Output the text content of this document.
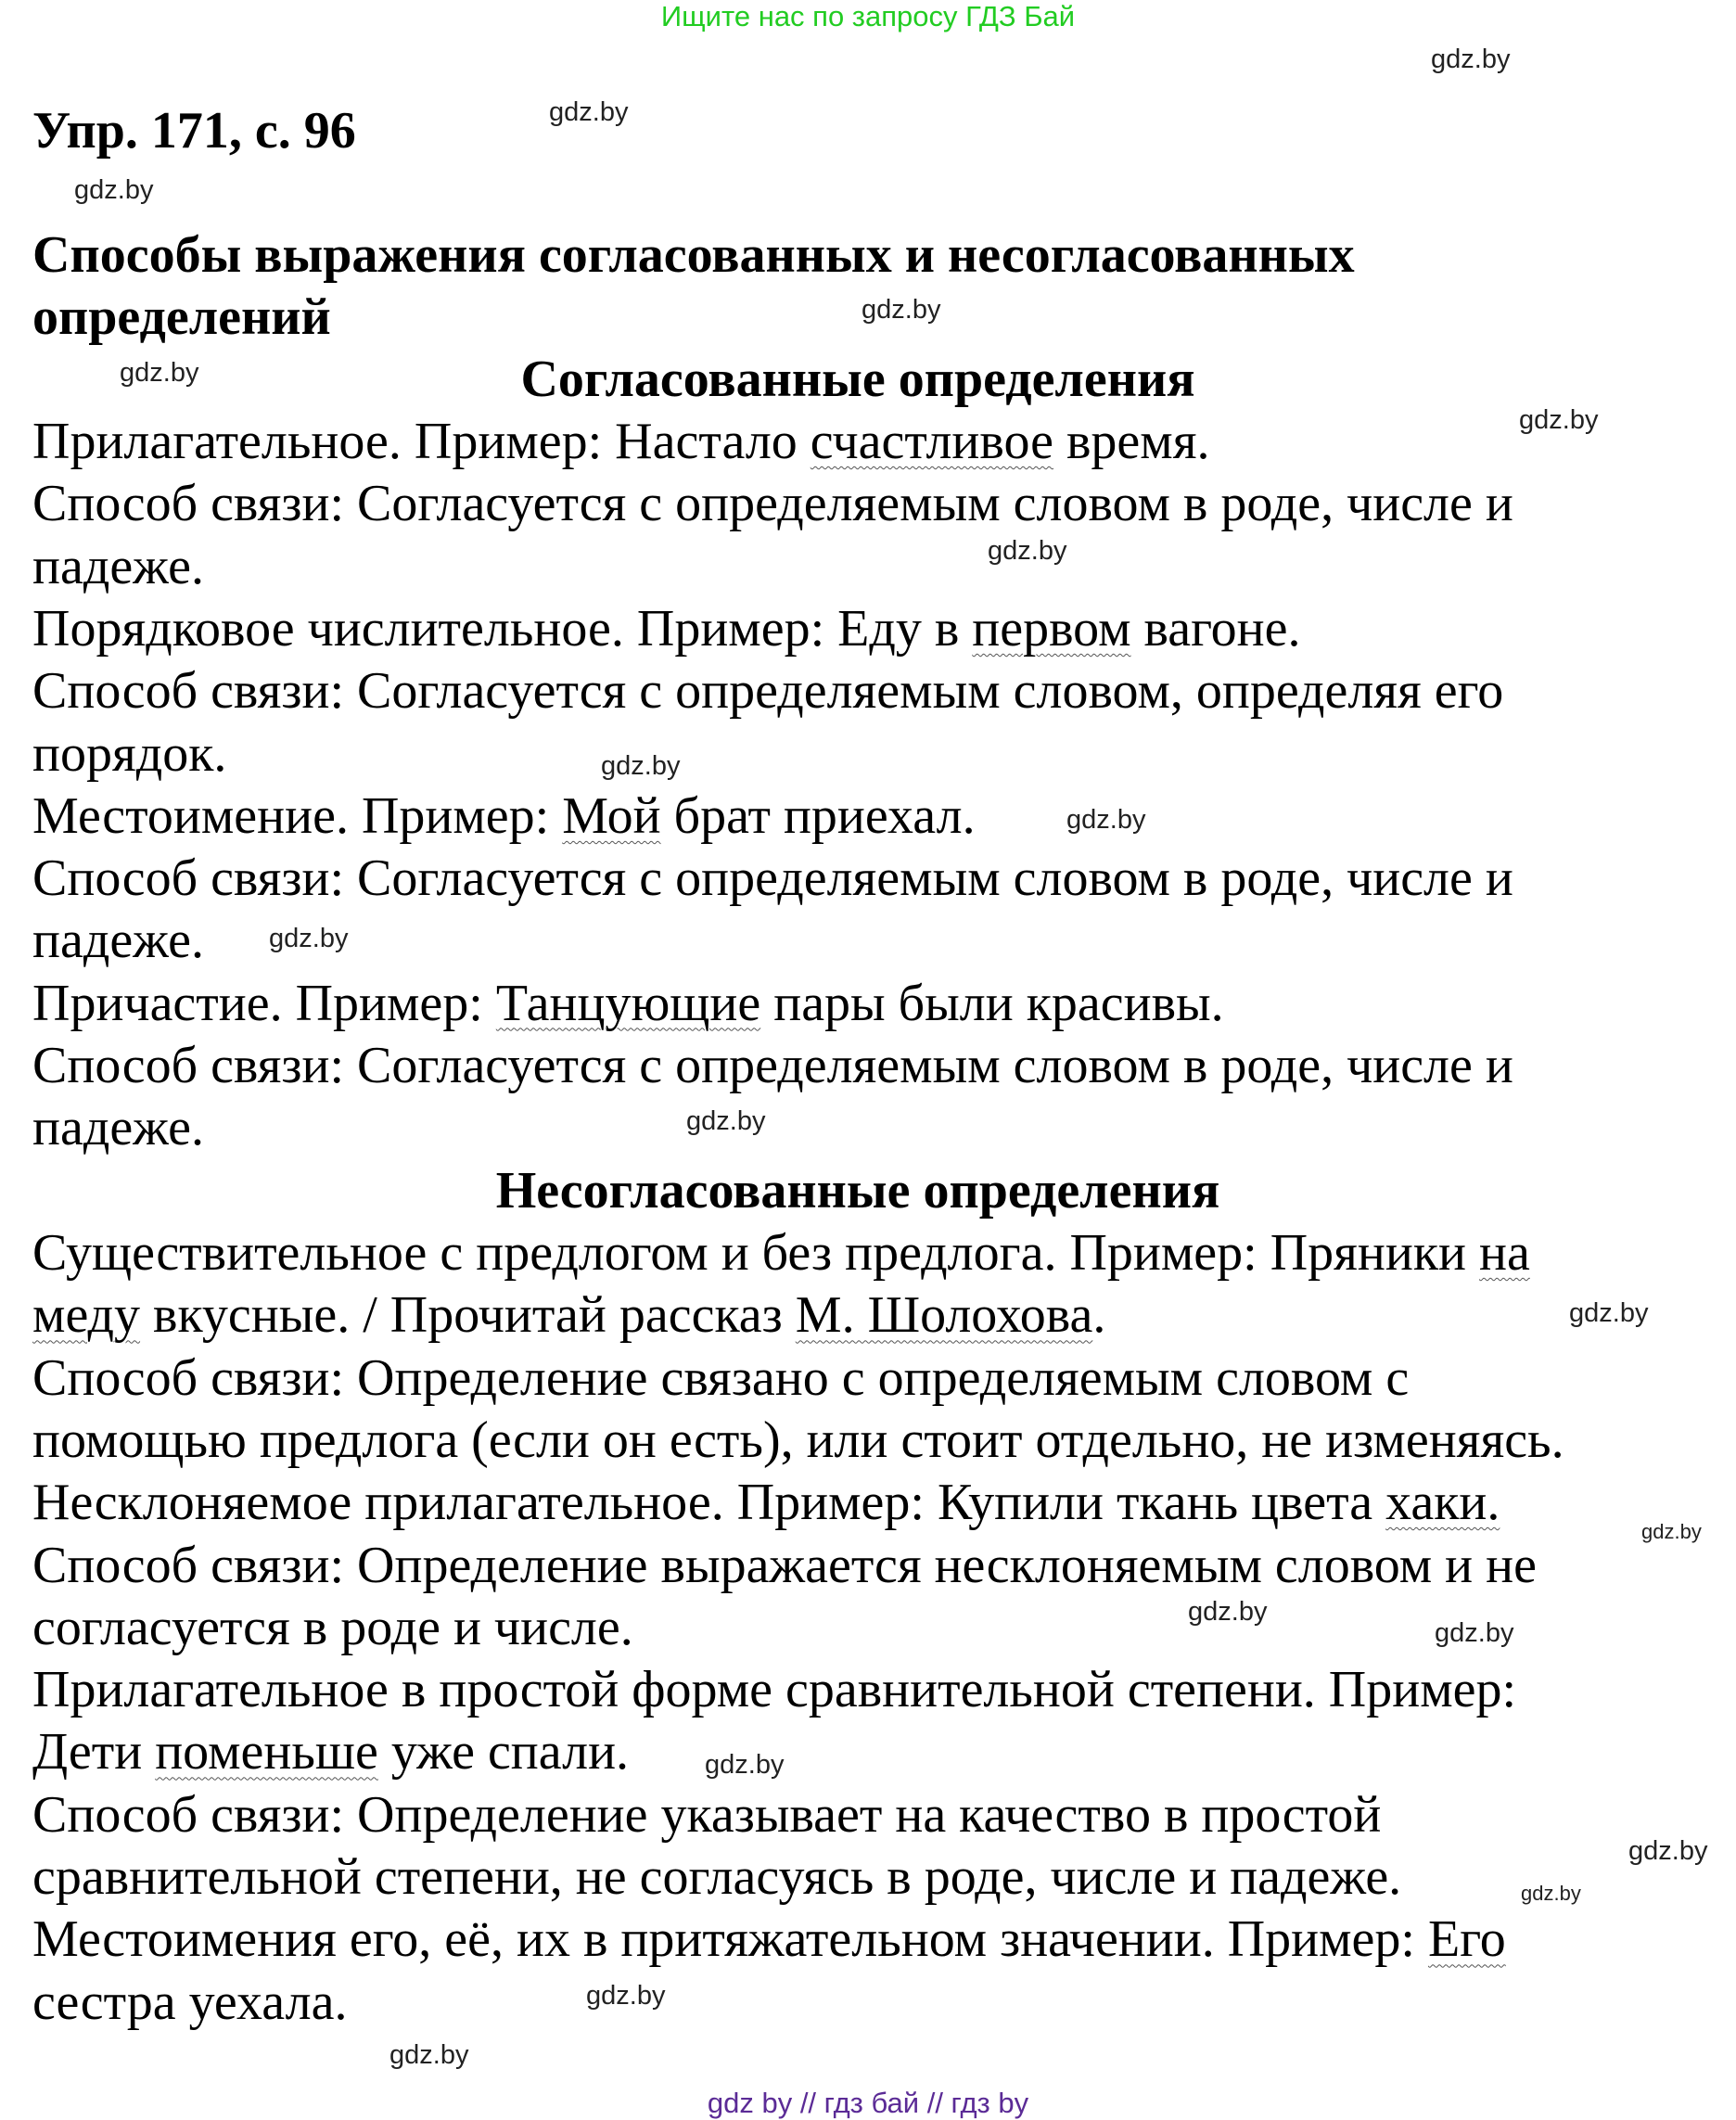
Ищите нас по запросу ГДЗ Бай
Упр. 171, с. 96
Способы выражения согласованных и несогласованных
определений
Согласованные определения
Прилагательное. Пример: Настало счастливое время.
Способ связи: Согласуется с определяемым словом в роде, числе и
падеже.
Порядковое числительное. Пример: Еду в первом вагоне.
Способ связи: Согласуется с определяемым словом, определяя его
порядок.
Местоимение. Пример: Мой брат приехал.
Способ связи: Согласуется с определяемым словом в роде, числе и
падеже.
Причастие. Пример: Танцующие пары были красивы.
Способ связи: Согласуется с определяемым словом в роде, числе и
падеже.
Несогласованные определения
Существительное с предлогом и без предлога. Пример: Пряники на
меду вкусные. / Прочитай рассказ М. Шолохова.
Способ связи: Определение связано с определяемым словом с
помощью предлога (если он есть), или стоит отдельно, не изменяясь.
Несклоняемое прилагательное. Пример: Купили ткань цвета хаки.
Способ связи: Определение выражается несклоняемым словом и не
согласуется в роде и числе.
Прилагательное в простой форме сравнительной степени. Пример:
Дети поменьше уже спали.
Способ связи: Определение указывает на качество в простой
сравнительной степени, не согласуясь в роде, числе и падеже.
Местоимения его, её, их в притяжательном значении. Пример: Его
сестра уехала.
gdz.by
gdz.by
gdz.by
gdz.by
gdz.by
gdz.by
gdz.by
gdz.by
gdz.by
gdz.by
gdz.by
gdz.by
gdz.by
gdz.by
gdz.by
gdz.by
gdz.by
gdz.by
gdz.by
gdz.by
gdz by // гдз бай // гдз by
